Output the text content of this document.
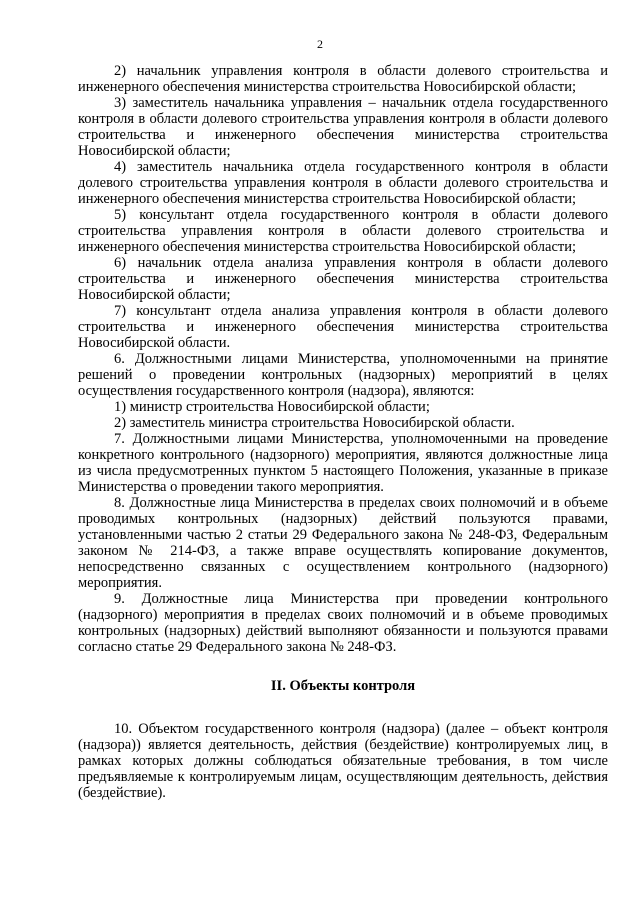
2

2) начальник управления контроля в области долевого строительства и инженерного обеспечения министерства строительства Новосибирской области;

3) заместитель начальника управления – начальник отдела государственного контроля в области долевого строительства управления контроля в области долевого строительства и инженерного обеспечения министерства строительства Новосибирской области;

4) заместитель начальника отдела государственного контроля в области долевого строительства управления контроля в области долевого строительства и инженерного обеспечения министерства строительства Новосибирской области;

5) консультант отдела государственного контроля в области долевого строительства управления контроля в области долевого строительства и инженерного обеспечения министерства строительства Новосибирской области;

6) начальник отдела анализа управления контроля в области долевого строительства и инженерного обеспечения министерства строительства Новосибирской области;

7) консультант отдела анализа управления контроля в области долевого строительства и инженерного обеспечения министерства строительства Новосибирской области.

6. Должностными лицами Министерства, уполномоченными на принятие решений о проведении контрольных (надзорных) мероприятий в целях осуществления государственного контроля (надзора), являются:

1) министр строительства Новосибирской области;

2) заместитель министра строительства Новосибирской области.

7. Должностными лицами Министерства, уполномоченными на проведение конкретного контрольного (надзорного) мероприятия, являются должностные лица из числа предусмотренных пунктом 5 настоящего Положения, указанные в приказе Министерства о проведении такого мероприятия.

8. Должностные лица Министерства в пределах своих полномочий и в объеме проводимых контрольных (надзорных) действий пользуются правами, установленными частью 2 статьи 29 Федерального закона № 248-ФЗ, Федеральным законом № 214-ФЗ, а также вправе осуществлять копирование документов, непосредственно связанных с осуществлением контрольного (надзорного) мероприятия.

9. Должностные лица Министерства при проведении контрольного (надзорного) мероприятия в пределах своих полномочий и в объеме проводимых контрольных (надзорных) действий выполняют обязанности и пользуются правами согласно статье 29 Федерального закона № 248-ФЗ.

II. Объекты контроля

10. Объектом государственного контроля (надзора) (далее – объект контроля (надзора)) является деятельность, действия (бездействие) контролируемых лиц, в рамках которых должны соблюдаться обязательные требования, в том числе предъявляемые к контролируемым лицам, осуществляющим деятельность, действия (бездействие).
